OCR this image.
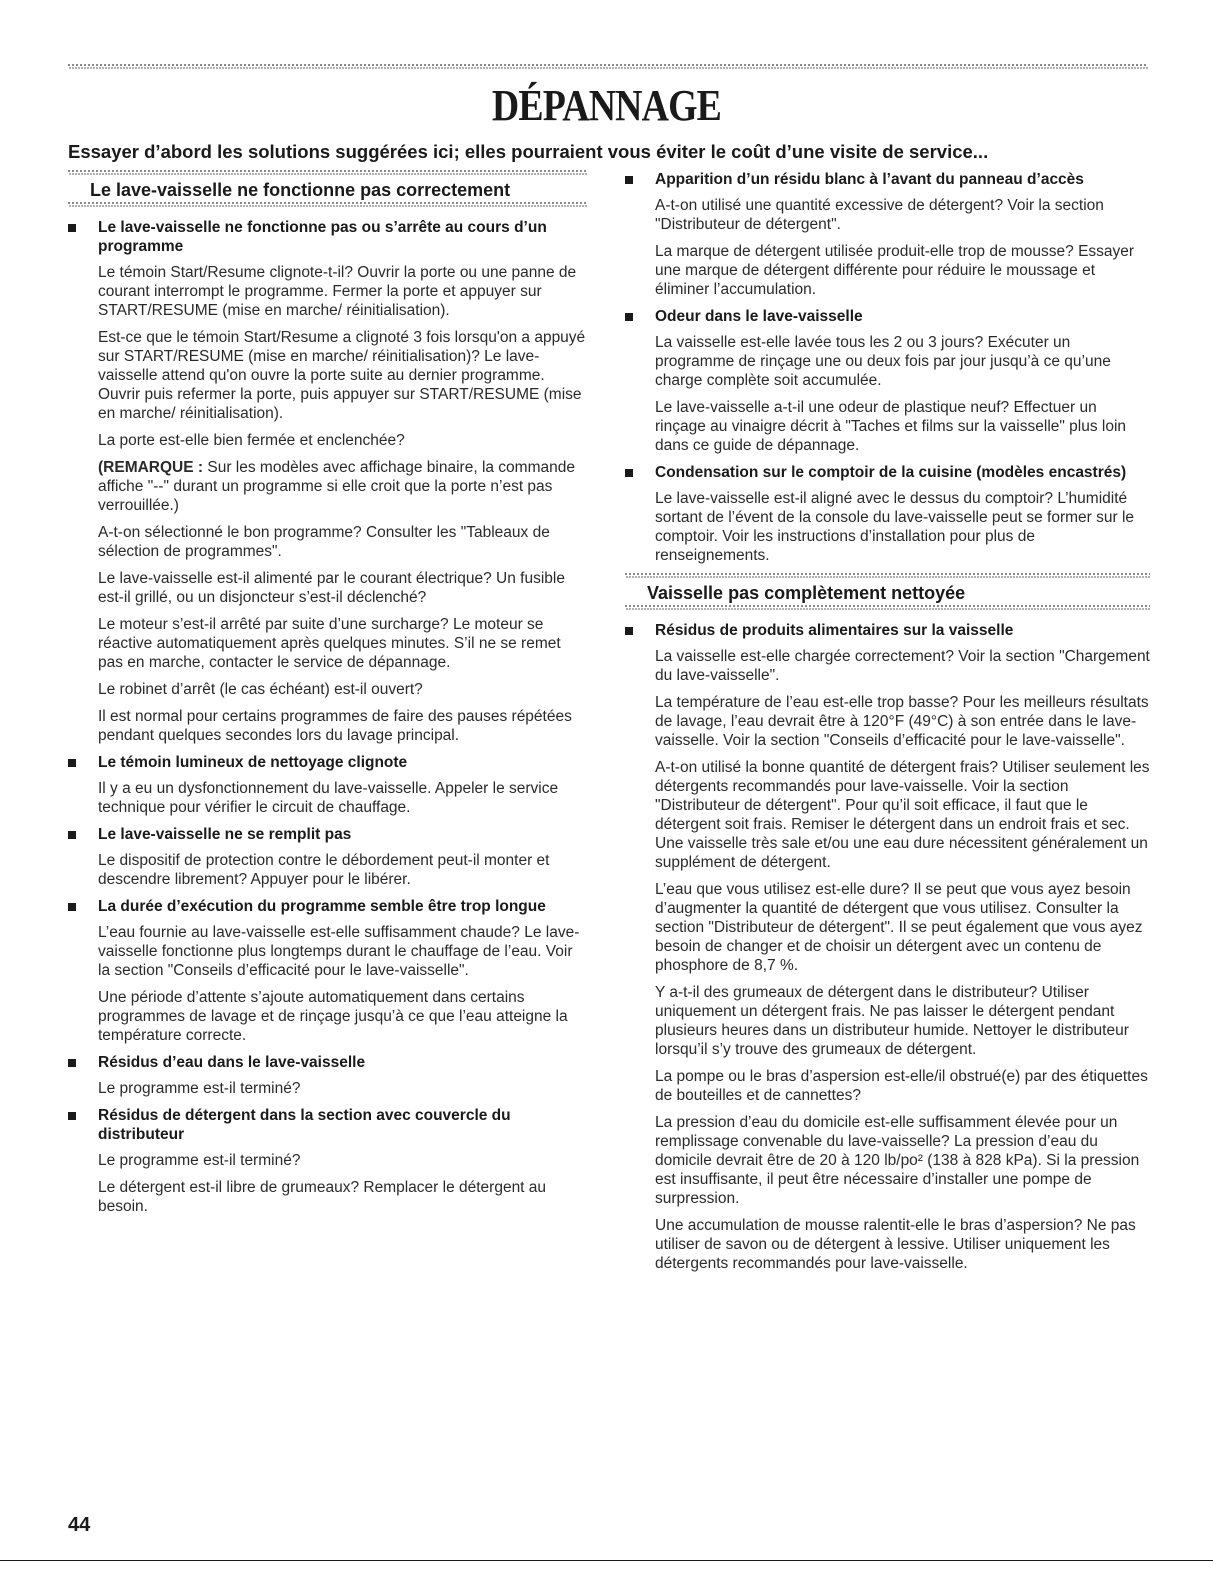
DÉPANNAGE

Essayer d’abord les solutions suggérées ici; elles pourraient vous éviter le coût d’une visite de service...

Le lave-vaisselle ne fonctionne pas correctement
Le lave-vaisselle ne fonctionne pas ou s’arrête au cours d’un programme

Le témoin Start/Resume clignote-t-il? Ouvrir la porte ou une panne de courant interrompt le programme. Fermer la porte et appuyer sur START/RESUME (mise en marche/ réinitialisation).

Est-ce que le témoin Start/Resume a clignoté 3 fois lorsqu'on a appuyé sur START/RESUME (mise en marche/ réinitialisation)? Le lave-vaisselle attend qu'on ouvre la porte suite au dernier programme. Ouvrir puis refermer la porte, puis appuyer sur START/RESUME (mise en marche/ réinitialisation).

La porte est-elle bien fermée et enclenchée?

(REMARQUE : Sur les modèles avec affichage binaire, la commande affiche "--" durant un programme si elle croit que la porte n’est pas verrouillée.)

A-t-on sélectionné le bon programme? Consulter les "Tableaux de sélection de programmes".

Le lave-vaisselle est-il alimenté par le courant électrique? Un fusible est-il grillé, ou un disjoncteur s’est-il déclenché?

Le moteur s’est-il arrêté par suite d’une surcharge? Le moteur se réactive automatiquement après quelques minutes. S’il ne se remet pas en marche, contacter le service de dépannage.

Le robinet d’arrêt (le cas échéant) est-il ouvert?

Il est normal pour certains programmes de faire des pauses répétées pendant quelques secondes lors du lavage principal.

Le témoin lumineux de nettoyage clignote

Il y a eu un dysfonctionnement du lave-vaisselle. Appeler le service technique pour vérifier le circuit de chauffage.

Le lave-vaisselle ne se remplit pas

Le dispositif de protection contre le débordement peut-il monter et descendre librement? Appuyer pour le libérer.

La durée d’exécution du programme semble être trop longue

L’eau fournie au lave-vaisselle est-elle suffisamment chaude? Le lave-vaisselle fonctionne plus longtemps durant le chauffage de l’eau. Voir la section "Conseils d’efficacité pour le lave-vaisselle".

Une période d’attente s’ajoute automatiquement dans certains programmes de lavage et de rinçage jusqu’à ce que l’eau atteigne la température correcte.

Résidus d’eau dans le lave-vaisselle

Le programme est-il terminé?

Résidus de détergent dans la section avec couvercle du distributeur

Le programme est-il terminé?

Le détergent est-il libre de grumeaux? Remplacer le détergent au besoin.

Apparition d’un résidu blanc à l’avant du panneau d’accès

A-t-on utilisé une quantité excessive de détergent? Voir la section "Distributeur de détergent".

La marque de détergent utilisée produit-elle trop de mousse? Essayer une marque de détergent différente pour réduire le moussage et éliminer l’accumulation.

Odeur dans le lave-vaisselle

La vaisselle est-elle lavée tous les 2 ou 3 jours? Exécuter un programme de rinçage une ou deux fois par jour jusqu’à ce qu’une charge complète soit accumulée.

Le lave-vaisselle a-t-il une odeur de plastique neuf? Effectuer un rinçage au vinaigre décrit à "Taches et films sur la vaisselle" plus loin dans ce guide de dépannage.

Condensation sur le comptoir de la cuisine (modèles encastrés)

Le lave-vaisselle est-il aligné avec le dessus du comptoir? L’humidité sortant de l’évent de la console du lave-vaisselle peut se former sur le comptoir. Voir les instructions d’installation pour plus de renseignements.

Vaisselle pas complètement nettoyée
Résidus de produits alimentaires sur la vaisselle

La vaisselle est-elle chargée correctement? Voir la section "Chargement du lave-vaisselle".

La température de l’eau est-elle trop basse? Pour les meilleurs résultats de lavage, l’eau devrait être à 120°F (49°C) à son entrée dans le lave-vaisselle. Voir la section "Conseils d’efficacité pour le lave-vaisselle".

A-t-on utilisé la bonne quantité de détergent frais? Utiliser seulement les détergents recommandés pour lave-vaisselle. Voir la section "Distributeur de détergent". Pour qu’il soit efficace, il faut que le détergent soit frais. Remiser le détergent dans un endroit frais et sec. Une vaisselle très sale et/ou une eau dure nécessitent généralement un supplément de détergent.

L’eau que vous utilisez est-elle dure? Il se peut que vous ayez besoin d’augmenter la quantité de détergent que vous utilisez. Consulter la section "Distributeur de détergent". Il se peut également que vous ayez besoin de changer et de choisir un détergent avec un contenu de phosphore de 8,7 %.

Y a-t-il des grumeaux de détergent dans le distributeur? Utiliser uniquement un détergent frais. Ne pas laisser le détergent pendant plusieurs heures dans un distributeur humide. Nettoyer le distributeur lorsqu’il s’y trouve des grumeaux de détergent.

La pompe ou le bras d’aspersion est-elle/il obstrué(e) par des étiquettes de bouteilles et de cannettes?

La pression d’eau du domicile est-elle suffisamment élevée pour un remplissage convenable du lave-vaisselle? La pression d’eau du domicile devrait être de 20 à 120 lb/po² (138 à 828 kPa). Si la pression est insuffisante, il peut être nécessaire d’installer une pompe de surpression.

Une accumulation de mousse ralentit-elle le bras d’aspersion? Ne pas utiliser de savon ou de détergent à lessive. Utiliser uniquement les détergents recommandés pour lave-vaisselle.

44
